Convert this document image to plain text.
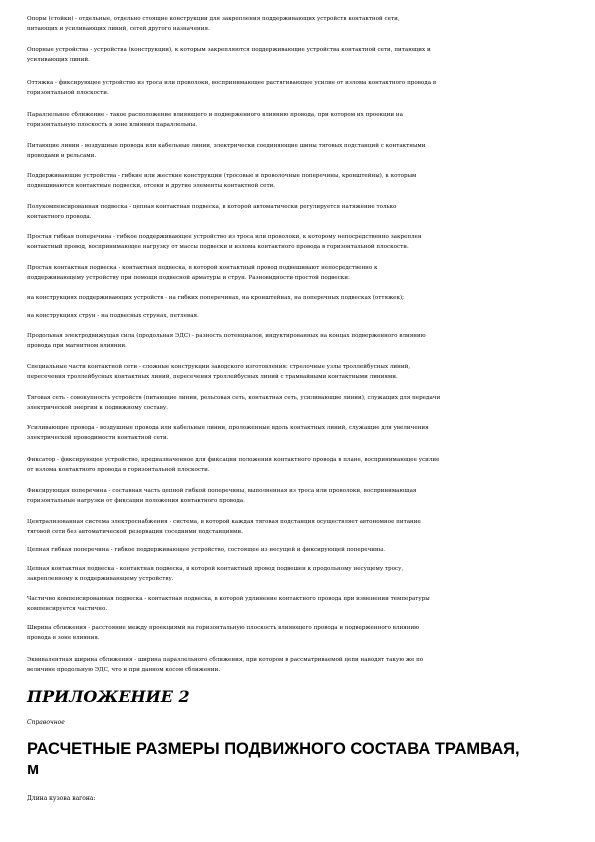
Опоры (стойки) - отдельные, отдельно стоящие конструкции для закрепления поддерживающих устройств контактной сети,
питающих и усиливающих линий, сетей другого назначения.
Опорные устройства - устройства (конструкции), к которым закрепляются поддерживающие устройства контактной сети, питающих и
усиливающих линий.
Оттяжка - фиксирующее устройство из троса или проволоки, воспринимающее растягивающее усилие от излома контактного провода в
горизонтальной плоскости.
Параллельное сближение - такое расположение влияющего и подверженного влиянию провода, при котором их проекции на
горизонтальную плоскость в зоне влияния параллельны.
Питающие линии - воздушные провода или кабельные линии, электрически соединяющие шины тяговых подстанций с контактными
проводами и рельсами.
Поддерживающие устройства - гибкие или жесткие конструкции (тросовые и проволочные поперечины, кронштейны), к которым
подвешиваются контактные подвески, отсеки и другие элементы контактной сети.
Полукомпенсированная подвеска - цепная контактная подвеска, в которой автоматически регулируется натяжение только
контактного провода.
Простая гибкая поперечина - гибкое поддерживающее устройство из троса или проволоки, к которому непосредственно закреплен
контактный провод, воспринимающее нагрузку от массы подвески и излома контактного провода в горизонтальной плоскости.
Простая контактная подвеска - контактная подвеска, в которой контактный провод подвешивают непосредственно к
поддерживающему устройству при помощи подвесной арматуры и струн. Разновидности простой подвески:
на конструкциях поддерживающих устройств - на гибких поперечинах, на кронштейнах, на поперечных подвесках (оттяжек);
на конструкциях струн - на подвесных струнах, петлевая.
Продольная электродвижущая сила (продольная ЭДС) - разность потенциалов, индуктированных на концах подверженного влиянию
провода при магнитном влиянии.
Специальные части контактной сети - сложные конструкции заводского изготовления: стрелочные узлы троллейбусных линий,
пересечения троллейбусных контактных линий, пересечения троллейбусных линий с трамвайными контактными линиями.
Тяговая сеть - совокупность устройств (питающие линии, рельсовая сеть, контактная сеть, усиливающие линии), служащих для передачи
электрической энергии к подвижному составу.
Усиливающие провода - воздушные провода или кабельные линии, проложенные вдоль контактных линий, служащие для увеличения
электрической проводимости контактной сети.
Фиксатор - фиксирующее устройство, предназначенное для фиксации положения контактного провода в плане, воспринимающее усилие
от излома контактного провода в горизонтальной плоскости.
Фиксирующая поперечина - составная часть цепной гибкой поперечины, выполненная из троса или проволоки, воспринимающая
горизонтальные нагрузки от фиксации положения контактного провода.
Централизованная система электроснабжения - система, в которой каждая тяговая подстанция осуществляет автономное питание
тяговой сети без автоматической резервации соседними подстанциями.
Цепная гибкая поперечина - гибкое поддерживающее устройство, состоящее из несущей и фиксирующей поперечины.
Цепная контактная подвеска - контактная подвеска, в которой контактный провод подвешен к продольному несущему тросу,
закрепленному к поддерживающему устройству.
Частично компенсированная подвеска - контактная подвеска, в которой удлинение контактного провода при изменении температуры
компенсируется частично.
Ширина сближения - расстояние между проекциями на горизонтальную плоскость влияющего провода и подверженного влиянию
провода в зоне влияния.
Эквивалентная ширина сближения - ширина параллельного сближения, при котором в рассматриваемой цепи наводят такую же по
величине продольную ЭДС, что и при данном косом сближении.
ПРИЛОЖЕНИЕ 2
Справочное
РАСЧЕТНЫЕ РАЗМЕРЫ ПОДВИЖНОГО СОСТАВА ТРАМВАЯ,
м
Длина кузова вагона:
